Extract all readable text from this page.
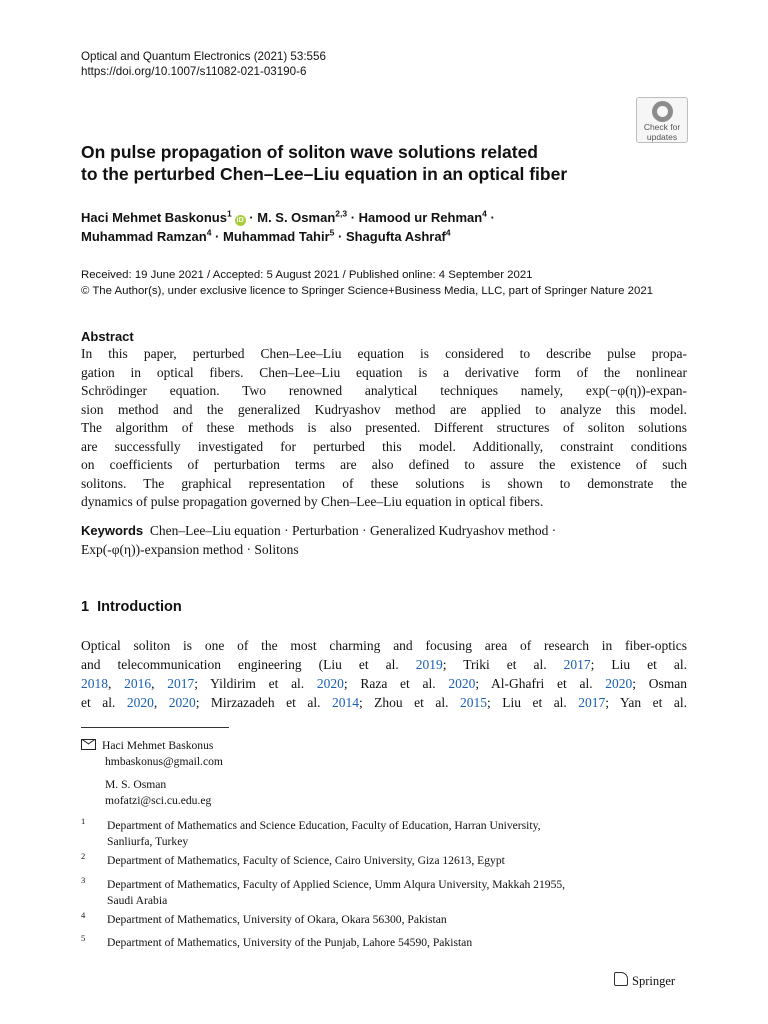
Optical and Quantum Electronics (2021) 53:556
https://doi.org/10.1007/s11082-021-03190-6
Check for
updates
On pulse propagation of soliton wave solutions related
to the perturbed Chen–Lee–Liu equation in an optical fiber
Haci Mehmet Baskonus$^1$iD · M. S. Osman$^{2,3}$ · Hamood ur Rehman$^4$ ·
Muhammad Ramzan$^4$ · Muhammad Tahir$^5$ · Shagufta Ashraf$^4$
Received: 19 June 2021 / Accepted: 5 August 2021 / Published online: 4 September 2021
© The Author(s), under exclusive licence to Springer Science+Business Media, LLC, part of Springer Nature 2021
Abstract
In this paper, perturbed Chen–Lee–Liu equation is considered to describe pulse propa-
gation in optical fibers. Chen–Lee–Liu equation is a derivative form of the nonlinear
Schrödinger equation. Two renowned analytical techniques namely, exp(−φ(η))-expan-
sion method and the generalized Kudryashov method are applied to analyze this model.
The algorithm of these methods is also presented. Different structures of soliton solutions
are successfully investigated for perturbed this model. Additionally, constraint conditions
on coefficients of perturbation terms are also defined to assure the existence of such
solitons. The graphical representation of these solutions is shown to demonstrate the
dynamics of pulse propagation governed by Chen–Lee–Liu equation in optical fibers.
Keywords Chen–Lee–Liu equation · Perturbation · Generalized Kudryashov method ·
Exp(-φ(η))-expansion method · Solitons
1 Introduction
Optical soliton is one of the most charming and focusing area of research in fiber-optics
and telecommunication engineering (Liu et al. 2019; Triki et al. 2017; Liu et al.
2018, 2016, 2017; Yildirim et al. 2020; Raza et al. 2020; Al-Ghafri et al. 2020; Osman
et al. 2020, 2020; Mirzazadeh et al. 2014; Zhou et al. 2015; Liu et al. 2017; Yan et al.
Haci Mehmet Baskonus
hmbaskonus@gmail.com
M. S. Osman
mofatzi@sci.cu.edu.eg
1 Department of Mathematics and Science Education, Faculty of Education, Harran University,
Sanliurfa, Turkey
2 Department of Mathematics, Faculty of Science, Cairo University, Giza 12613, Egypt
3 Department of Mathematics, Faculty of Applied Science, Umm Alqura University, Makkah 21955,
Saudi Arabia
4 Department of Mathematics, University of Okara, Okara 56300, Pakistan
5 Department of Mathematics, University of the Punjab, Lahore 54590, Pakistan
Springer
